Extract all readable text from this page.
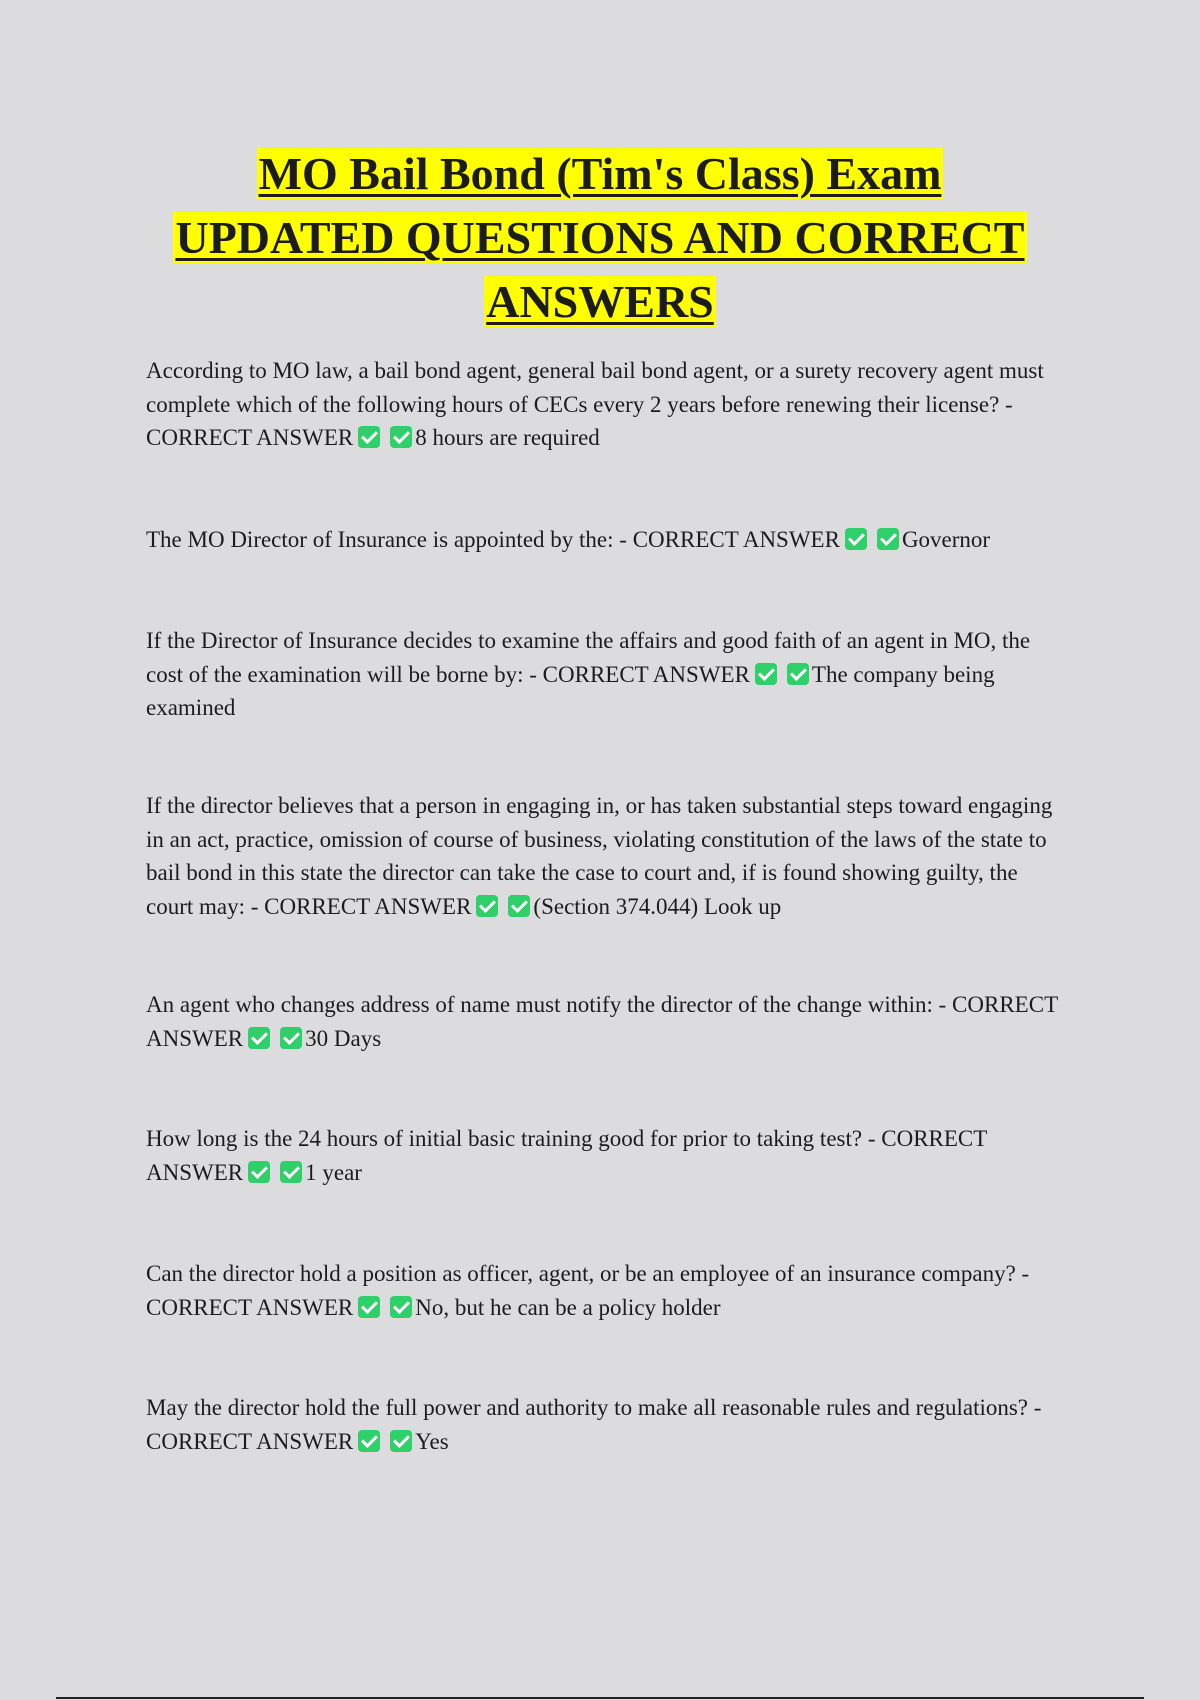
MO Bail Bond (Tim's Class) Exam
UPDATED QUESTIONS AND CORRECT
ANSWERS
According to MO law, a bail bond agent, general bail bond agent, or a surety recovery agent must complete which of the following hours of CECs every 2 years before renewing their license? - CORRECT ANSWER	8 hours are required
The MO Director of Insurance is appointed by the: - CORRECT ANSWER	Governor
If the Director of Insurance decides to examine the affairs and good faith of an agent in MO, the cost of the examination will be borne by: - CORRECT ANSWER	The company being examined
If the director believes that a person in engaging in, or has taken substantial steps toward engaging in an act, practice, omission of course of business, violating constitution of the laws of the state to bail bond in this state the director can take the case to court and, if is found showing guilty, the court may: - CORRECT ANSWER	(Section 374.044) Look up
An agent who changes address of name must notify the director of the change within: - CORRECT ANSWER	30 Days
How long is the 24 hours of initial basic training good for prior to taking test? - CORRECT ANSWER	1 year
Can the director hold a position as officer, agent, or be an employee of an insurance company? - CORRECT ANSWER	No, but he can be a policy holder
May the director hold the full power and authority to make all reasonable rules and regulations? - CORRECT ANSWER	Yes
